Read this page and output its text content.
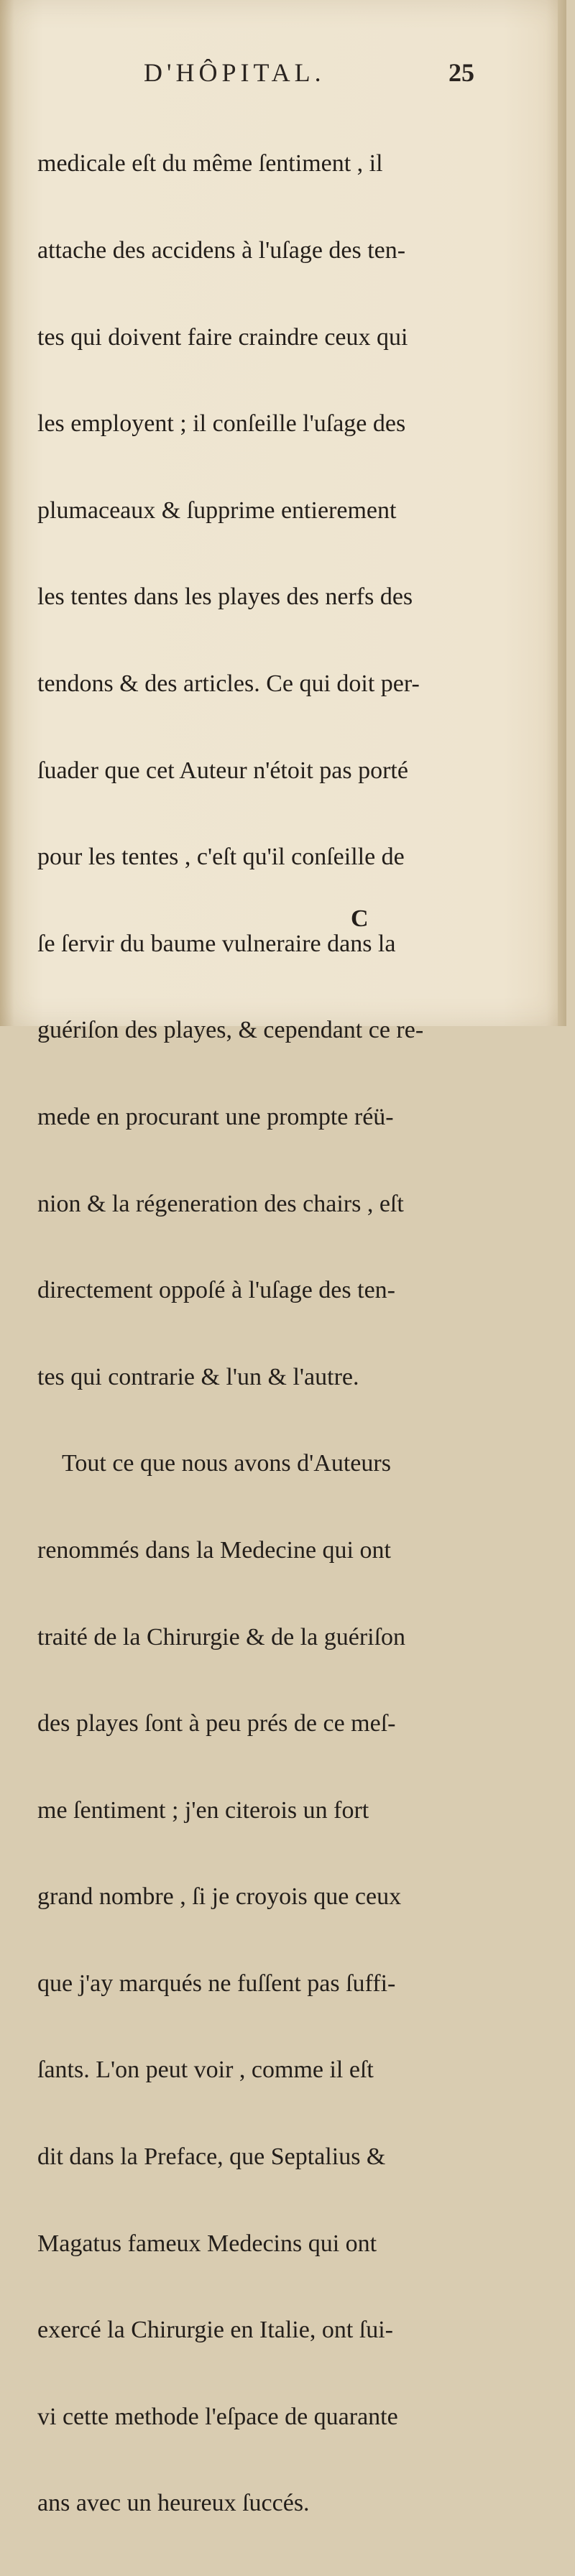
D'HÔPITAL.	25

medicale eſt du même ſentiment , il

attache des accidens à l'uſage des ten-

tes qui doivent faire craindre ceux qui

les employent ; il conſeille l'uſage des

plumaceaux & ſupprime entierement

les tentes dans les playes des nerfs des

tendons & des articles. Ce qui doit per-

ſuader que cet Auteur n'étoit pas porté

pour les tentes , c'eſt qu'il conſeille de

ſe ſervir du baume vulneraire dans la

guériſon des playes, & cependant ce re-

mede en procurant une prompte réü-

nion & la régeneration des chairs , eſt

directement oppoſé à l'uſage des ten-

tes qui contrarie & l'un & l'autre.

Tout ce que nous avons d'Auteurs

renommés dans la Medecine qui ont

traité de la Chirurgie & de la guériſon

des playes ſont à peu prés de ce meſ-

me ſentiment ; j'en citerois un fort

grand nombre , ſi je croyois que ceux

que j'ay marqués ne fuſſent pas ſuffi-

ſants. L'on peut voir , comme il eſt

dit dans la Preface, que Septalius &

Magatus fameux Medecins qui ont

exercé la Chirurgie en Italie, ont ſui-

vi cette methode l'eſpace de quarante

ans avec un heureux ſuccés.

C
